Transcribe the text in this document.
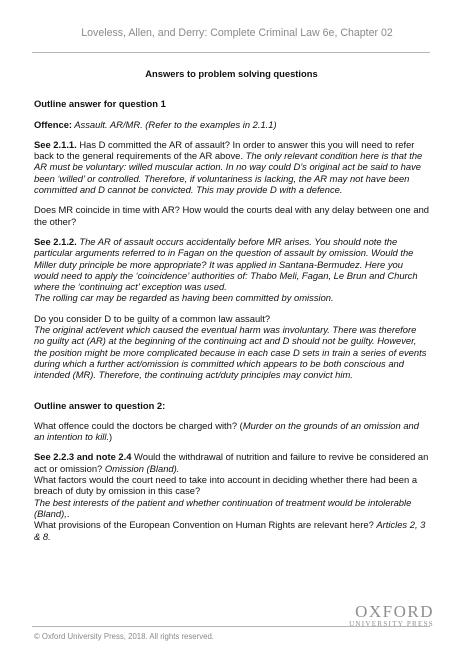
Loveless, Allen, and Derry: Complete Criminal Law 6e, Chapter 02
Answers to problem solving questions
Outline answer for question 1

Offence: Assault. AR/MR. (Refer to the examples in 2.1.1)

See 2.1.1. Has D committed the AR of assault? In order to answer this you will need to refer back to the general requirements of the AR above. The only relevant condition here is that the AR must be voluntary: willed muscular action. In no way could D’s original act be said to have been ‘willed’ or controlled. Therefore, if voluntariness is lacking, the AR may not have been committed and D cannot be convicted. This may provide D with a defence.

Does MR coincide in time with AR? How would the courts deal with any delay between one and the other?

See 2.1.2. The AR of assault occurs accidentally before MR arises. You should note the particular arguments referred to in Fagan on the question of assault by omission. Would the Miller duty principle be more appropriate? It was applied in Santana-Bermudez. Here you would need to apply the ‘coincidence’ authorities of: Thabo Meli, Fagan, Le Brun and Church where the ‘continuing act’ exception was used.
The rolling car may be regarded as having been committed by omission.

Do you consider D to be guilty of a common law assault?
The original act/event which caused the eventual harm was involuntary. There was therefore no guilty act (AR) at the beginning of the continuing act and D should not be guilty. However, the position might be more complicated because in each case D sets in train a series of events during which a further act/omission is committed which appears to be both conscious and intended (MR). Therefore, the continuing act/duty principles may convict him.

Outline answer to question 2:

What offence could the doctors be charged with? (Murder on the grounds of an omission and an intention to kill.)

See 2.2.3 and note 2.4 Would the withdrawal of nutrition and failure to revive be considered an act or omission? Omission (Bland).
What factors would the court need to take into account in deciding whether there had been a breach of duty by omission in this case?
The best interests of the patient and whether continuation of treatment would be intolerable (Bland),.
What provisions of the European Convention on Human Rights are relevant here? Articles 2, 3 & 8.

OXFORD
UNIVERSITY PRESS
© Oxford University Press, 2018. All rights reserved.
